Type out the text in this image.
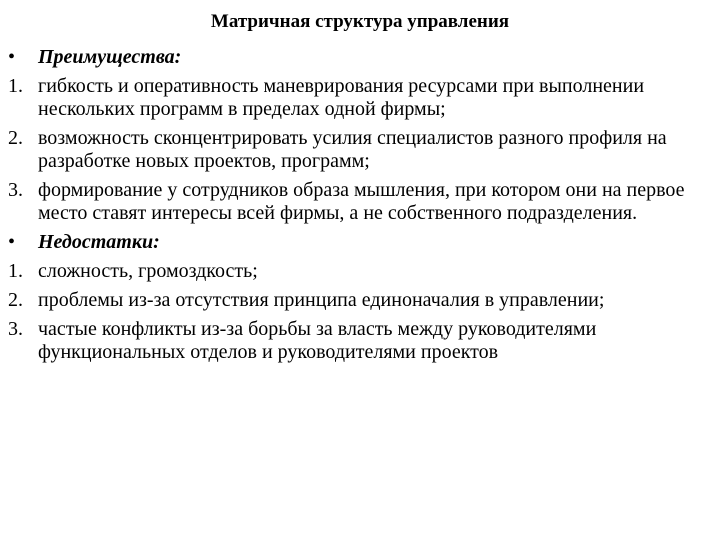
Матричная структура управления
•	Преимущества:
1. гибкость и оперативность маневрирования ресурсами при выполнении нескольких программ в пределах одной фирмы;
2. возможность сконцентрировать усилия специалистов разного профиля на разработке новых проектов, программ;
3. формирование у сотрудников образа мышления, при котором они на первое место ставят интересы всей фирмы, а не собственного подразделения.
•	Недостатки:
1. сложность, громоздкость;
2. проблемы из-за отсутствия принципа единоначалия в управлении;
3. частые конфликты из-за борьбы за власть между руководителями функциональных отделов и руководителями проектов
